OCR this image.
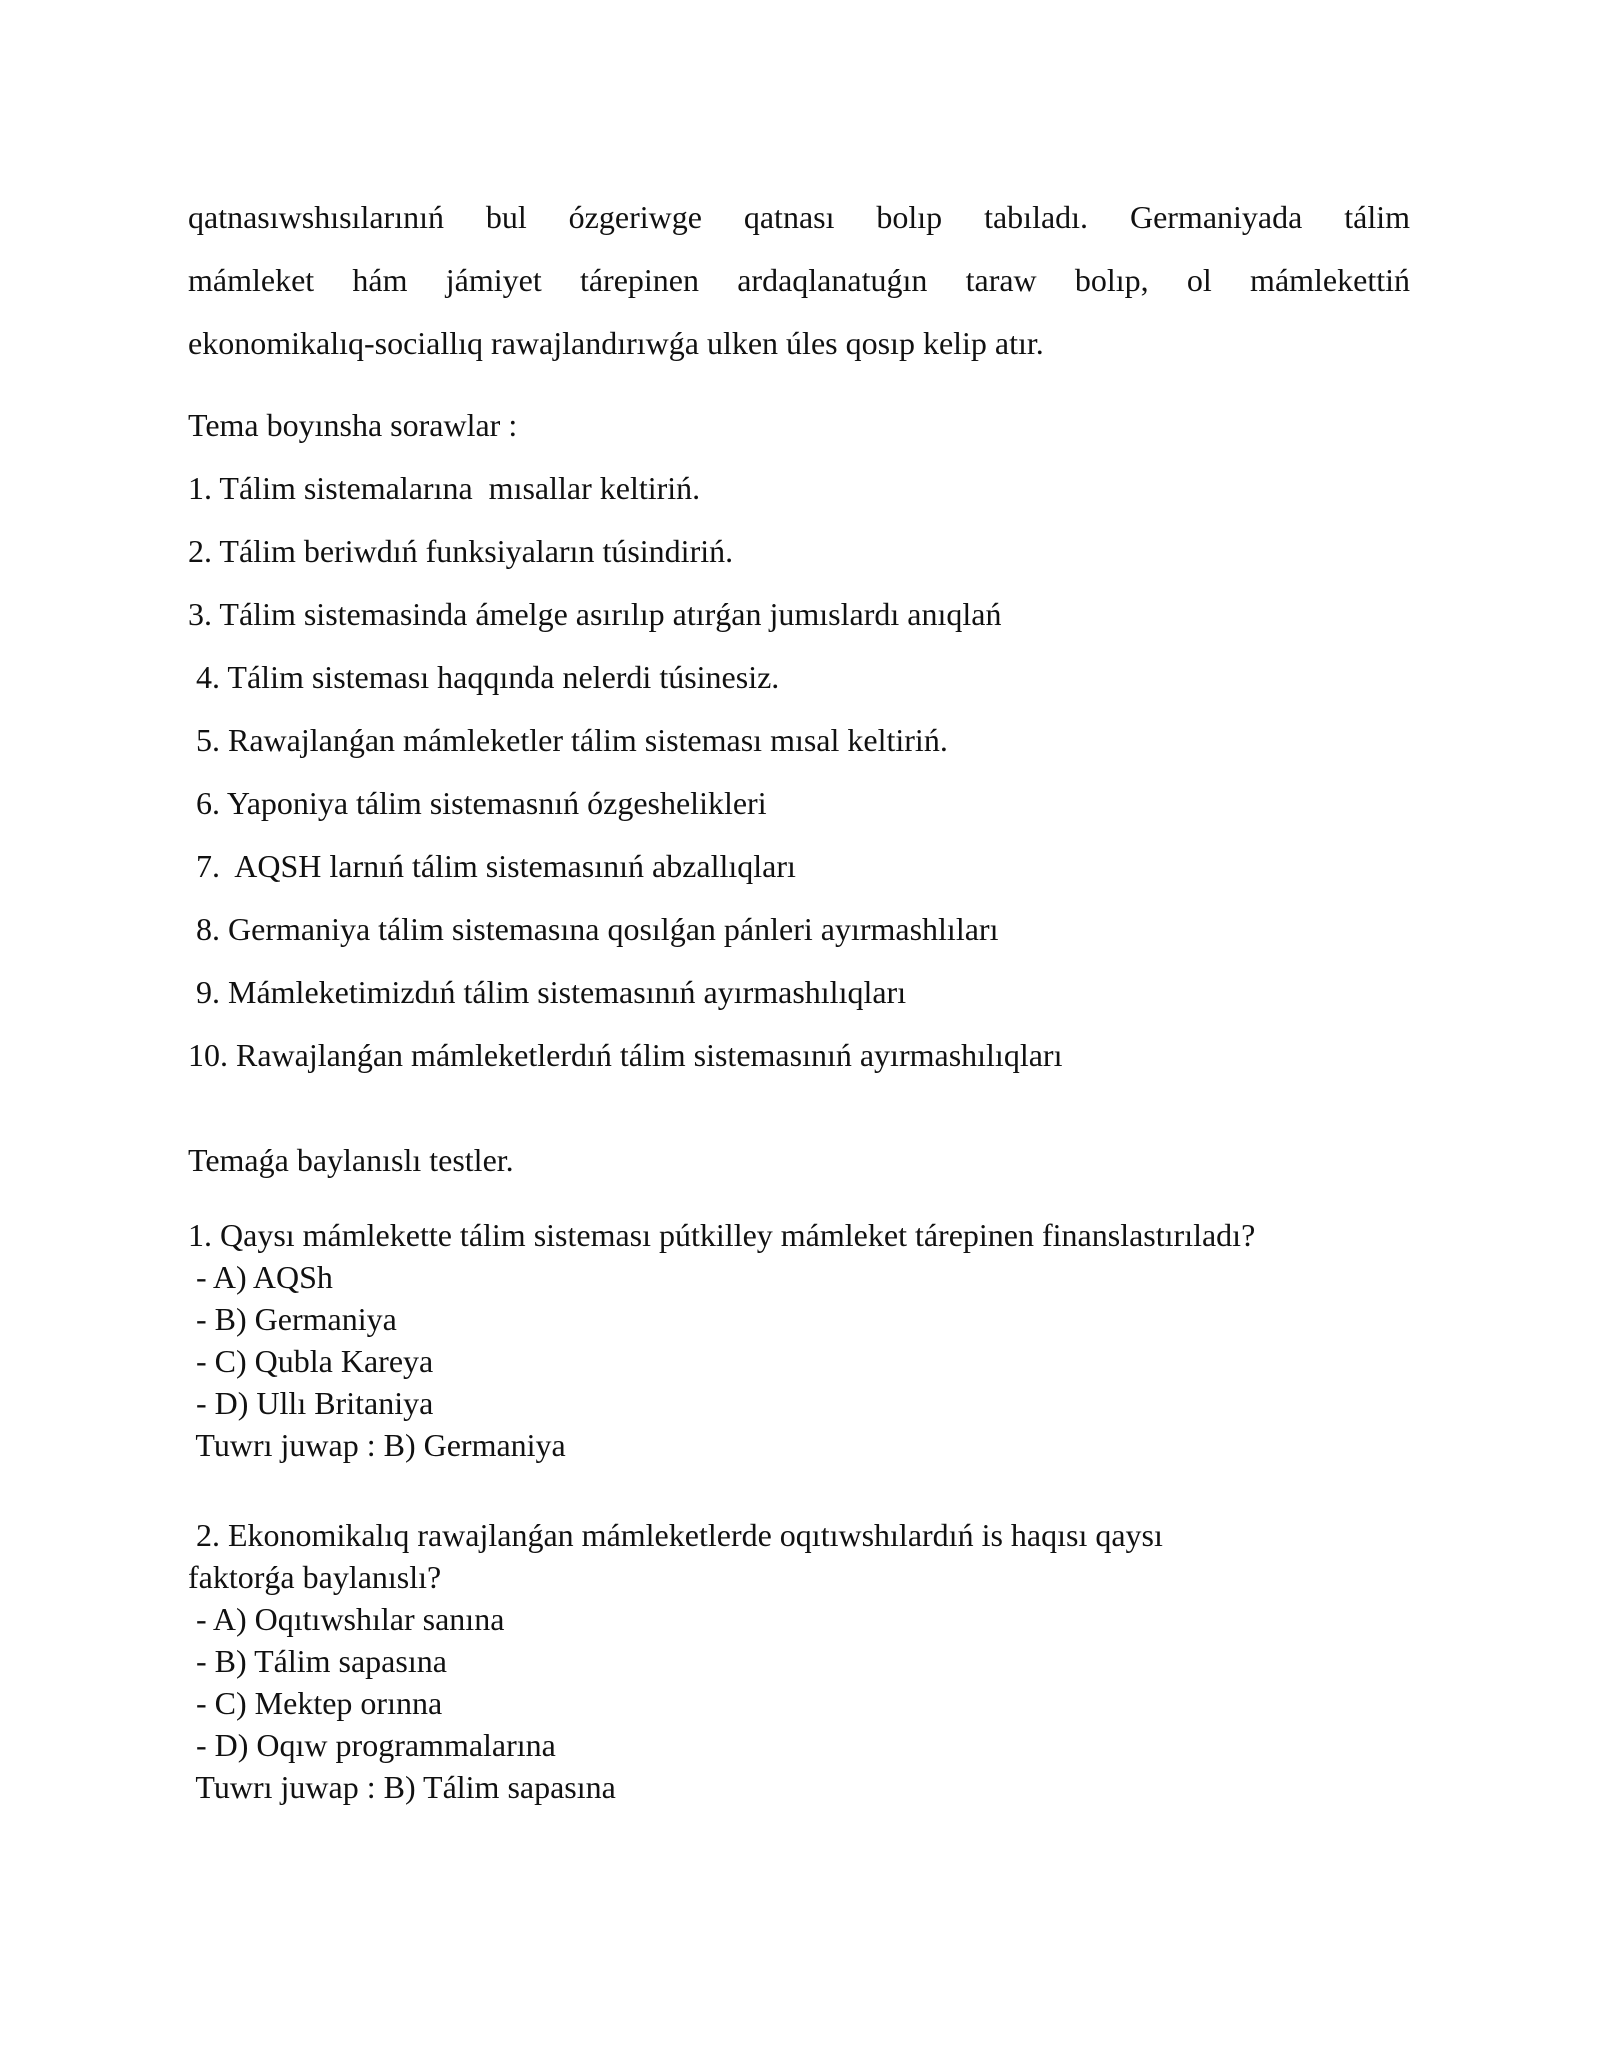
qatnasıwshısılarınıń bul ózgeriwge qatnası bolıp tabıladı. Germaniyada tálim
mámleket hám jámiyet tárepinen ardaqlanatuǵın taraw bolıp, ol mámlekettiń
ekonomikalıq-sociallıq rawajlandırıwǵa ulken úles qosıp kelip atır.

Tema boyınsha sorawlar :
1. Tálim sistemalarına  mısallar keltiriń.
2. Tálim beriwdıń funksiyaların túsindiriń.
3. Tálim sistemasinda ámelge asırılıp atırǵan jumıslardı anıqlań
4. Tálim sisteması haqqında nelerdi túsinesiz.
5. Rawajlanǵan mámleketler tálim sisteması mısal keltiriń.
6. Yaponiya tálim sistemasnıń ózgeshelikleri
7.  AQSH larnıń tálim sistemasınıń abzallıqları
8. Germaniya tálim sistemasına qosılǵan pánleri ayırmashlıları
9. Mámleketimizdıń tálim sistemasınıń ayırmashılıqları
10. Rawajlanǵan mámleketlerdıń tálim sistemasınıń ayırmashılıqları
Temaǵa baylanıslı testler.
1. Qaysı mámlekette tálim sisteması pútkilley mámleket tárepinen finanslastırıladı?
- A) AQSh
- B) Germaniya
- C) Qubla Kareya
- D) Ullı Britaniya
Tuwrı juwap : B) Germaniya
2. Ekonomikalıq rawajlanǵan mámleketlerde oqıtıwshılardıń is haqısı qaysı
faktorǵa baylanıslı?
- A) Oqıtıwshılar sanına
- B) Tálim sapasına
- C) Mektep orınna
- D) Oqıw programmalarına
Tuwrı juwap : B) Tálim sapasına
